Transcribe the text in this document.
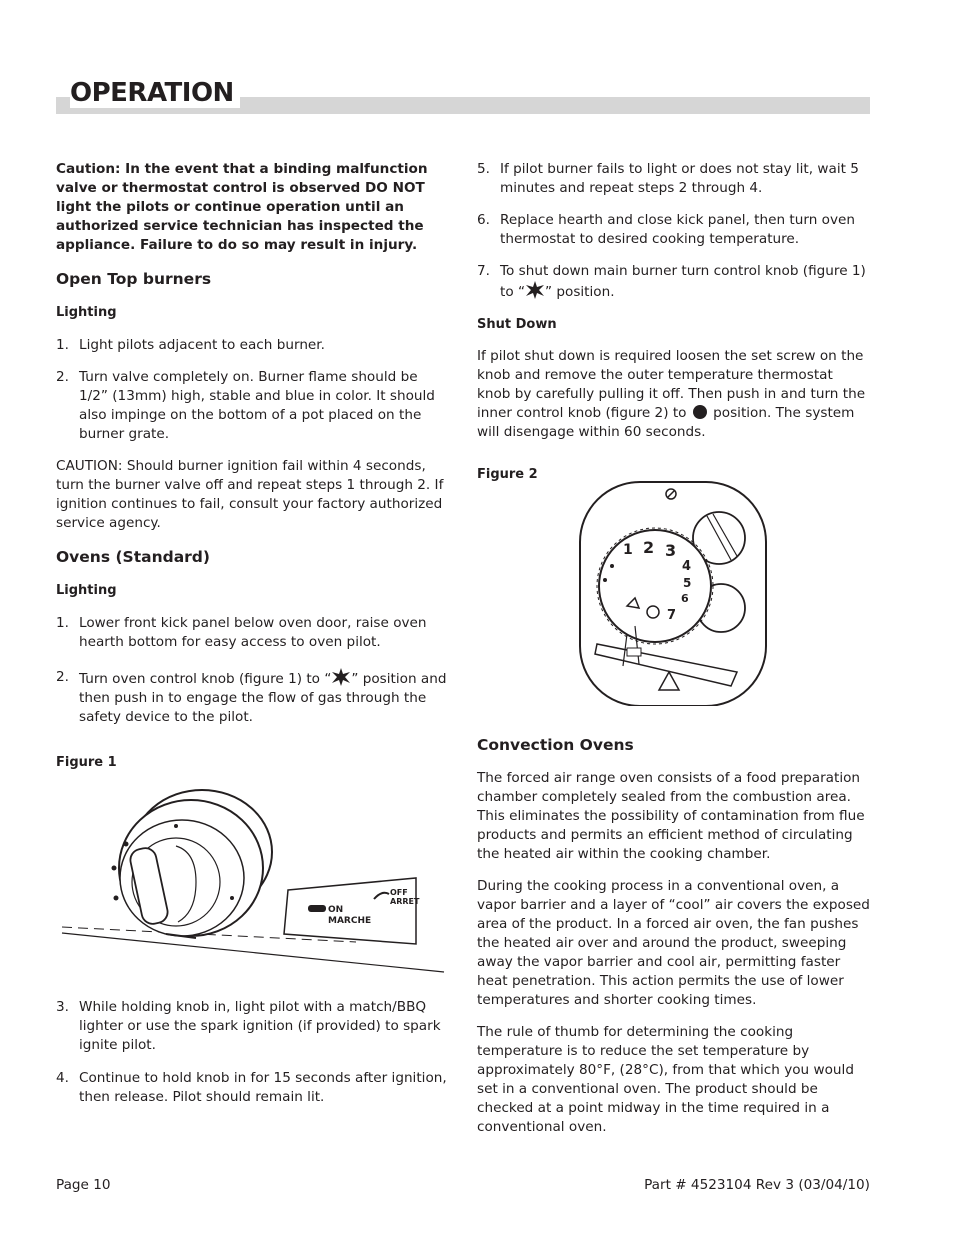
OPERATION

Caution: In the event that a binding malfunction valve or thermostat control is observed DO NOT light the pilots or continue operation until an authorized service technician has inspected the appliance. Failure to do so may result in injury.

Open Top burners

Lighting

1. Light pilots adjacent to each burner.
2. Turn valve completely on. Burner flame should be 1/2” (13mm) high, stable and blue in color. It should also impinge on the bottom of a pot placed on the burner grate.

CAUTION: Should burner ignition fail within 4 seconds, turn the burner valve off and repeat steps 1 through 2. If ignition continues to fail, consult your factory authorized service agency.

Ovens (Standard)

Lighting

1. Lower front kick panel below oven door, raise oven hearth bottom for easy access to oven pilot.
2. Turn oven control knob (figure 1) to “ ” position and then push in to engage the flow of gas through the safety device to the pilot.

Figure 1

ON
MARCHE
OFF
ARRET
3. While holding knob in, light pilot with a match/BBQ lighter or use the spark ignition (if provided) to spark ignite pilot.
4. Continue to hold knob in for 15 seconds after ignition, then release. Pilot should remain lit.
5. If pilot burner fails to light or does not stay lit, wait 5 minutes and repeat steps 2 through 4.
6. Replace hearth and close kick panel, then turn oven thermostat to desired cooking temperature.
7. To shut down main burner turn control knob (figure 1) to “ ” position.

Shut Down

If pilot shut down is required loosen the set screw on the knob and remove the outer temperature thermostat knob by carefully pulling it off. Then push in and turn the inner control knob (figure 2) to position. The system will disengage within 60 seconds.

Figure 2

1 2 3
4
5
6
7

Convection Ovens

The forced air range oven consists of a food preparation chamber completely sealed from the combustion area. This eliminates the possibility of contamination from flue products and permits an efficient method of circulating the heated air within the cooking chamber.

During the cooking process in a conventional oven, a vapor barrier and a layer of “cool” air covers the exposed area of the product. In a forced air oven, the fan pushes the heated air over and around the product, sweeping away the vapor barrier and cool air, permitting faster heat penetration. This action permits the use of lower temperatures and shorter cooking times.

The rule of thumb for determining the cooking temperature is to reduce the set temperature by approximately 80°F, (28°C), from that which you would set in a conventional oven. The product should be checked at a point midway in the time required in a conventional oven.

Page 10	Part # 4523104 Rev 3 (03/04/10)
